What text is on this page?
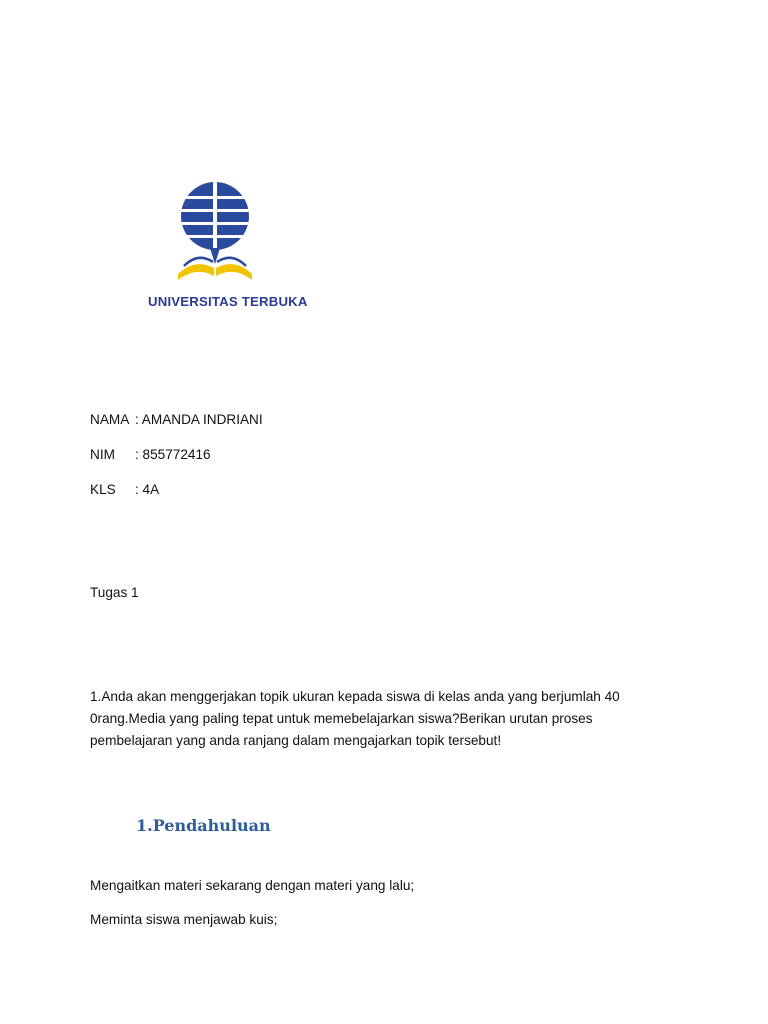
UNIVERSITAS TERBUKA
NAMA : AMANDA INDRIANI
NIM : 855772416
KLS : 4A
Tugas 1
1.Anda akan menggerjakan topik ukuran kepada siswa di kelas anda yang berjumlah 40
0rang.Media yang paling tepat untuk memebelajarkan siswa?Berikan urutan proses
pembelajaran yang anda ranjang dalam mengajarkan topik tersebut!
1.Pendahuluan
Mengaitkan materi sekarang dengan materi yang lalu;
Meminta siswa menjawab kuis;
